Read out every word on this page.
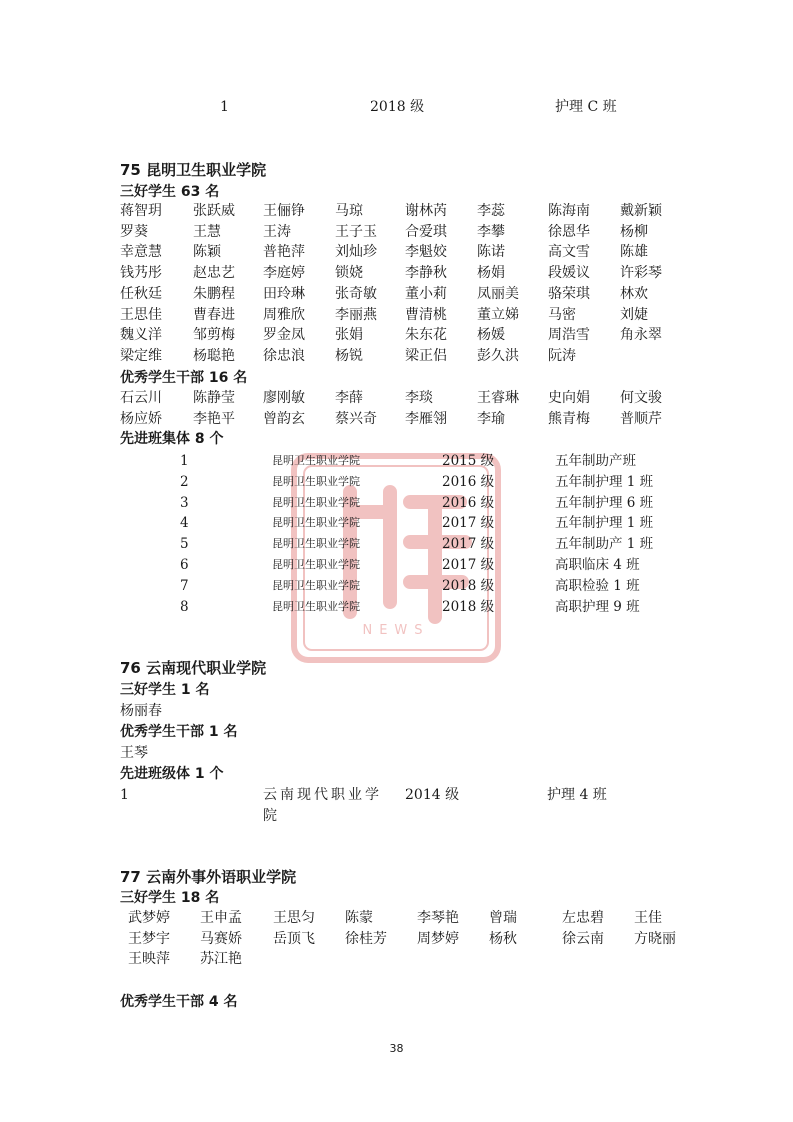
1	2018 级	护理 C 班
NEWS
75 昆明卫生职业学院
三好学生 63 名
蒋智玥 张跃威 王俪铮 马琼	谢林芮 李蕊	陈海南 戴新颖
罗葵	王慧	王涛	王子玉 合爱琪 李攀	徐恩华 杨柳
幸意慧 陈颖	普艳萍 刘灿珍 李魁姣 陈诺	高文雪 陈雄
钱艿彤 赵忠艺 李庭婷 锁娆	李静秋 杨娟	段媛议 许彩琴
任秋廷 朱鹏程 田玲琳 张奇敏 董小莉 凤丽美 骆荣琪 林欢
王思佳 曹春进 周雅欣 李丽燕 曹清桃 董立娣 马密	刘婕
魏义洋 邹剪梅 罗金凤 张娟	朱东花 杨媛	周浩雪 角永翠
梁定维 杨聪艳 徐忠浪 杨锐	梁正侣 彭久洪 阮涛
优秀学生干部 16 名
石云川 陈静莹 廖刚敏 李薛	李琰	王睿琳 史向娟 何文骏
杨应娇 李艳平 曾韵玄 蔡兴奇 李雁翎 李瑜	熊青梅 普顺芹
先进班集体 8 个
1	昆明卫生职业学院	2015 级	五年制助产班
2	昆明卫生职业学院	2016 级	五年制护理 1 班
3	昆明卫生职业学院	2016 级	五年制护理 6 班
4	昆明卫生职业学院	2017 级	五年制护理 1 班
5	昆明卫生职业学院	2017 级	五年制助产 1 班
6	昆明卫生职业学院	2017 级	高职临床 4 班
7	昆明卫生职业学院	2018 级	高职检验 1 班
8	昆明卫生职业学院	2018 级	高职护理 9 班
76 云南现代职业学院
三好学生 1 名
杨丽春
优秀学生干部 1 名
王琴
先进班级体 1 个
1	云南现代职业学 2014 级	护理 4 班
院
77 云南外事外语职业学院
三好学生 18 名
武梦婷 王申孟 王思匀 陈蒙	李琴艳 曾瑞	左忠碧 王佳
王梦宇 马赛娇 岳顶飞 徐桂芳 周梦婷 杨秋	徐云南 方晓丽
王映萍 苏江艳
优秀学生干部 4 名
38
